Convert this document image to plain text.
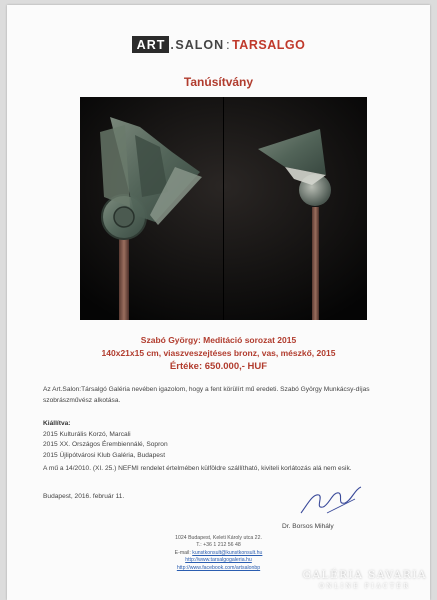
ART . SALON : TARSALGO
Tanúsítvány
Szabó György: Meditáció sorozat 2015
140x21x15 cm, viaszveszejtéses bronz, vas, mészkő, 2015
Értéke: 650.000,- HUF
Az Art.Salon:Társalgó Galéria nevében igazolom, hogy a fent körülírt mű eredeti. Szabó György Munkácsy-díjas szobrászművész alkotása.
Kiállítva:
2015 Kulturális Korzó, Marcali
2015 XX. Országos Érembiennálé, Sopron
2015 Újlipótvárosi Klub Galéria, Budapest
A mű a 14/2010. (XI. 25.) NEFMI rendelet értelmében külföldre szállítható, kiviteli korlátozás alá nem esik.
Budapest, 2016. február 11.
Dr. Borsos Mihály
1024 Budapest, Keleti Károly utca 22.
T.: +36 1 212 56 48
E-mail: kunstkonsult@kunstkonsult.hu
http://www.tarsalgogaleria.hu
http://www.facebook.com/artsalonbp
GALÉRIA SAVARIA
ONLINE PIACTÉR
